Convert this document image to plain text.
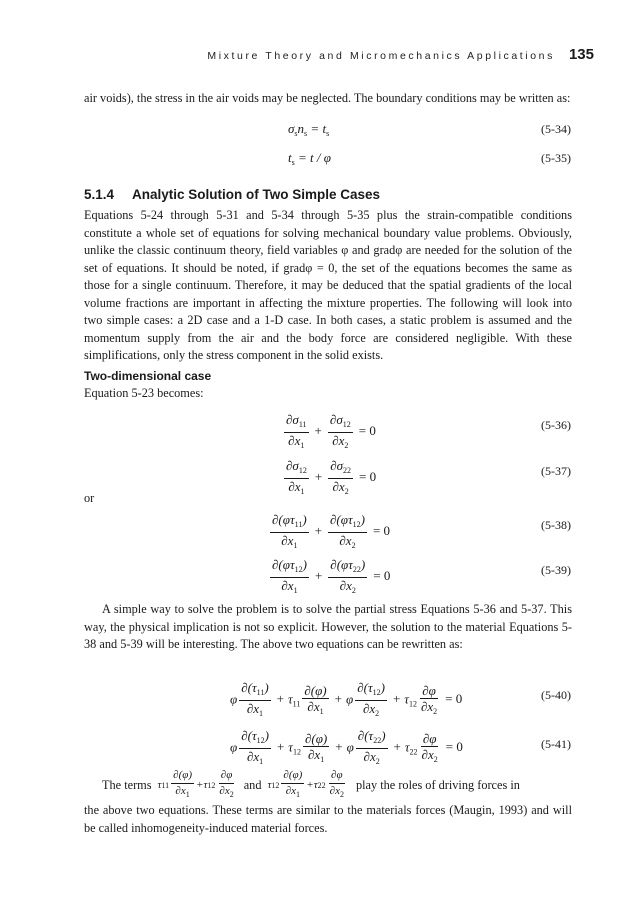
Mixture Theory and Micromechanics Applications 135

air voids), the stress in the air voids may be neglected. The boundary conditions may be written as:

$\sigma_sn_s = t_s$	(5-34)
$t_s = t / \varphi$	(5-35)
5.1.4 Analytic Solution of Two Simple Cases

Equations 5-24 through 5-31 and 5-34 through 5-35 plus the strain-compatible conditions constitute a whole set of equations for solving mechanical boundary value problems. Obviously, unlike the classic continuum theory, field variables φ and gradφ are needed for the solution of the set of equations. It should be noted, if gradφ = 0, the set of the equations becomes the same as those for a single continuum. Therefore, it may be deduced that the spatial gradients of the local volume fractions are important in affecting the mixture properties. The following will look into two simple cases: a 2D case and a 1-D case. In both cases, a static problem is assumed and the momentum supply from the air and the body force are considered negligible. With these simplifications, only the stress component in the solid exists.

Two-dimensional case

Equation 5-23 becomes:

$\frac{\partial\sigma_{11}}{\partial x_1} + \frac{\partial\sigma_{12}}{\partial x_2} = 0$	(5-36)
$\frac{\partial\sigma_{12}}{\partial x_1} + \frac{\partial\sigma_{22}}{\partial x_2} = 0$	(5-37)
or
$\frac{\partial(\varphi\tau_{11})}{\partial x_1} + \frac{\partial(\varphi\tau_{12})}{\partial x_2} = 0$	(5-38)
$\frac{\partial(\varphi\tau_{12})}{\partial x_1} + \frac{\partial(\varphi\tau_{22})}{\partial x_2} = 0$	(5-39)

A simple way to solve the problem is to solve the partial stress Equations 5-36 and 5-37. This way, the physical implication is not so explicit. However, the solution to the material Equations 5-38 and 5-39 will be interesting. The above two equations can be rewritten as:

φ $\frac{\partial(\tau_{11})}{\partial x_1} + \tau_{11} \frac{\partial(\varphi)}{\partial x_1} + \varphi \frac{\partial(\tau_{12})}{\partial x_2} + \tau_{12} \frac{\partial\varphi}{\partial x_2} = 0$	(5-40)
φ $\frac{\partial(\tau_{12})}{\partial x_1} + \tau_{12} \frac{\partial(\varphi)}{\partial x_1} + \varphi \frac{\partial(\tau_{22})}{\partial x_2} + \tau_{22} \frac{\partial\varphi}{\partial x_2} = 0$	(5-41)
The terms τ $11 \frac{\partial(\varphi)}{\partial x_1} +\tau$ $12 \frac{\partial\varphi}{\partial x_2}$ and τ $12 \frac{\partial(\varphi)}{\partial x_1} +\tau$ $22 \frac{\partial\varphi}{\partial x_2}$ play the roles of driving forces in

the above two equations. These terms are similar to the materials forces (Maugin, 1993) and will be called inhomogeneity-induced material forces.
